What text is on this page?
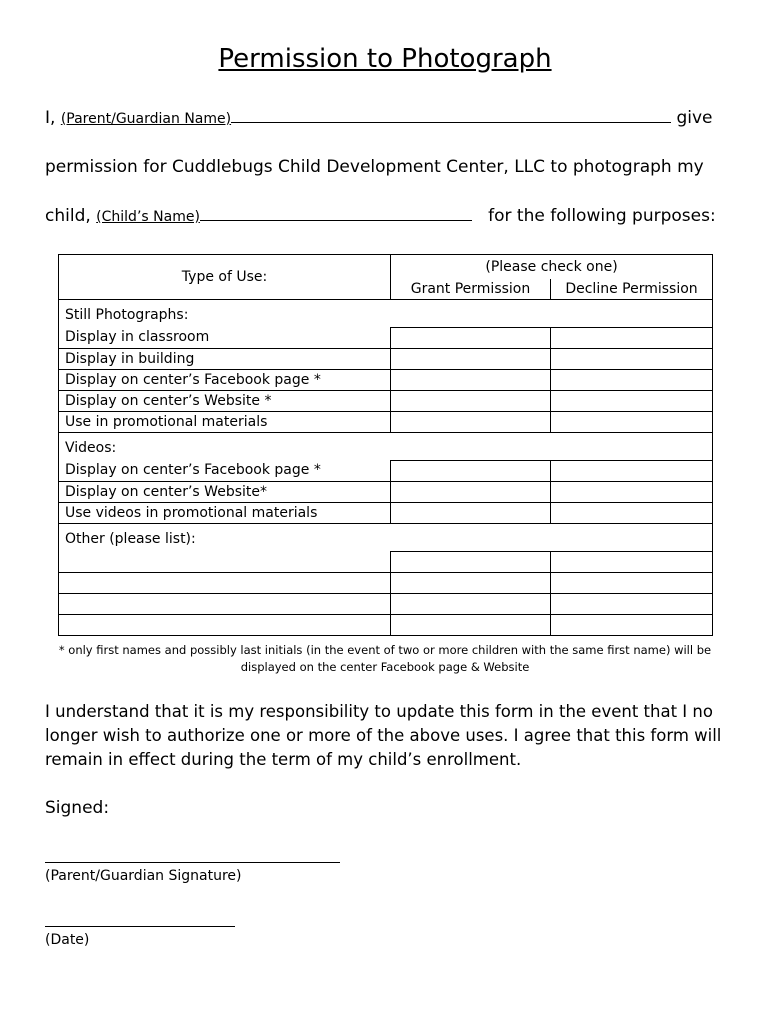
Permission to Photograph
I, (Parent/Guardian Name)	give
permission for Cuddlebugs Child Development Center, LLC to photograph my
child, (Child’s Name)	for the following purposes:
Type of Use:	(Please check one)	
	Grant Permission	Decline Permission
Still Photographs:		
Display in classroom		
Display in building		
Display on center’s Facebook page *		
Display on center’s Website *		
Use in promotional materials		
Videos:		
Display on center’s Facebook page *		
Display on center’s Website*		
Use videos in promotional materials		
Other (please list):		

* only first names and possibly last initials (in the event of two or more children with the same first name) will be displayed on the center Facebook page & Website
I understand that it is my responsibility to update this form in the event that I no longer wish to authorize one or more of the above uses. I agree that this form will remain in effect during the term of my child’s enrollment.
Signed:
(Parent/Guardian Signature)
(Date)
